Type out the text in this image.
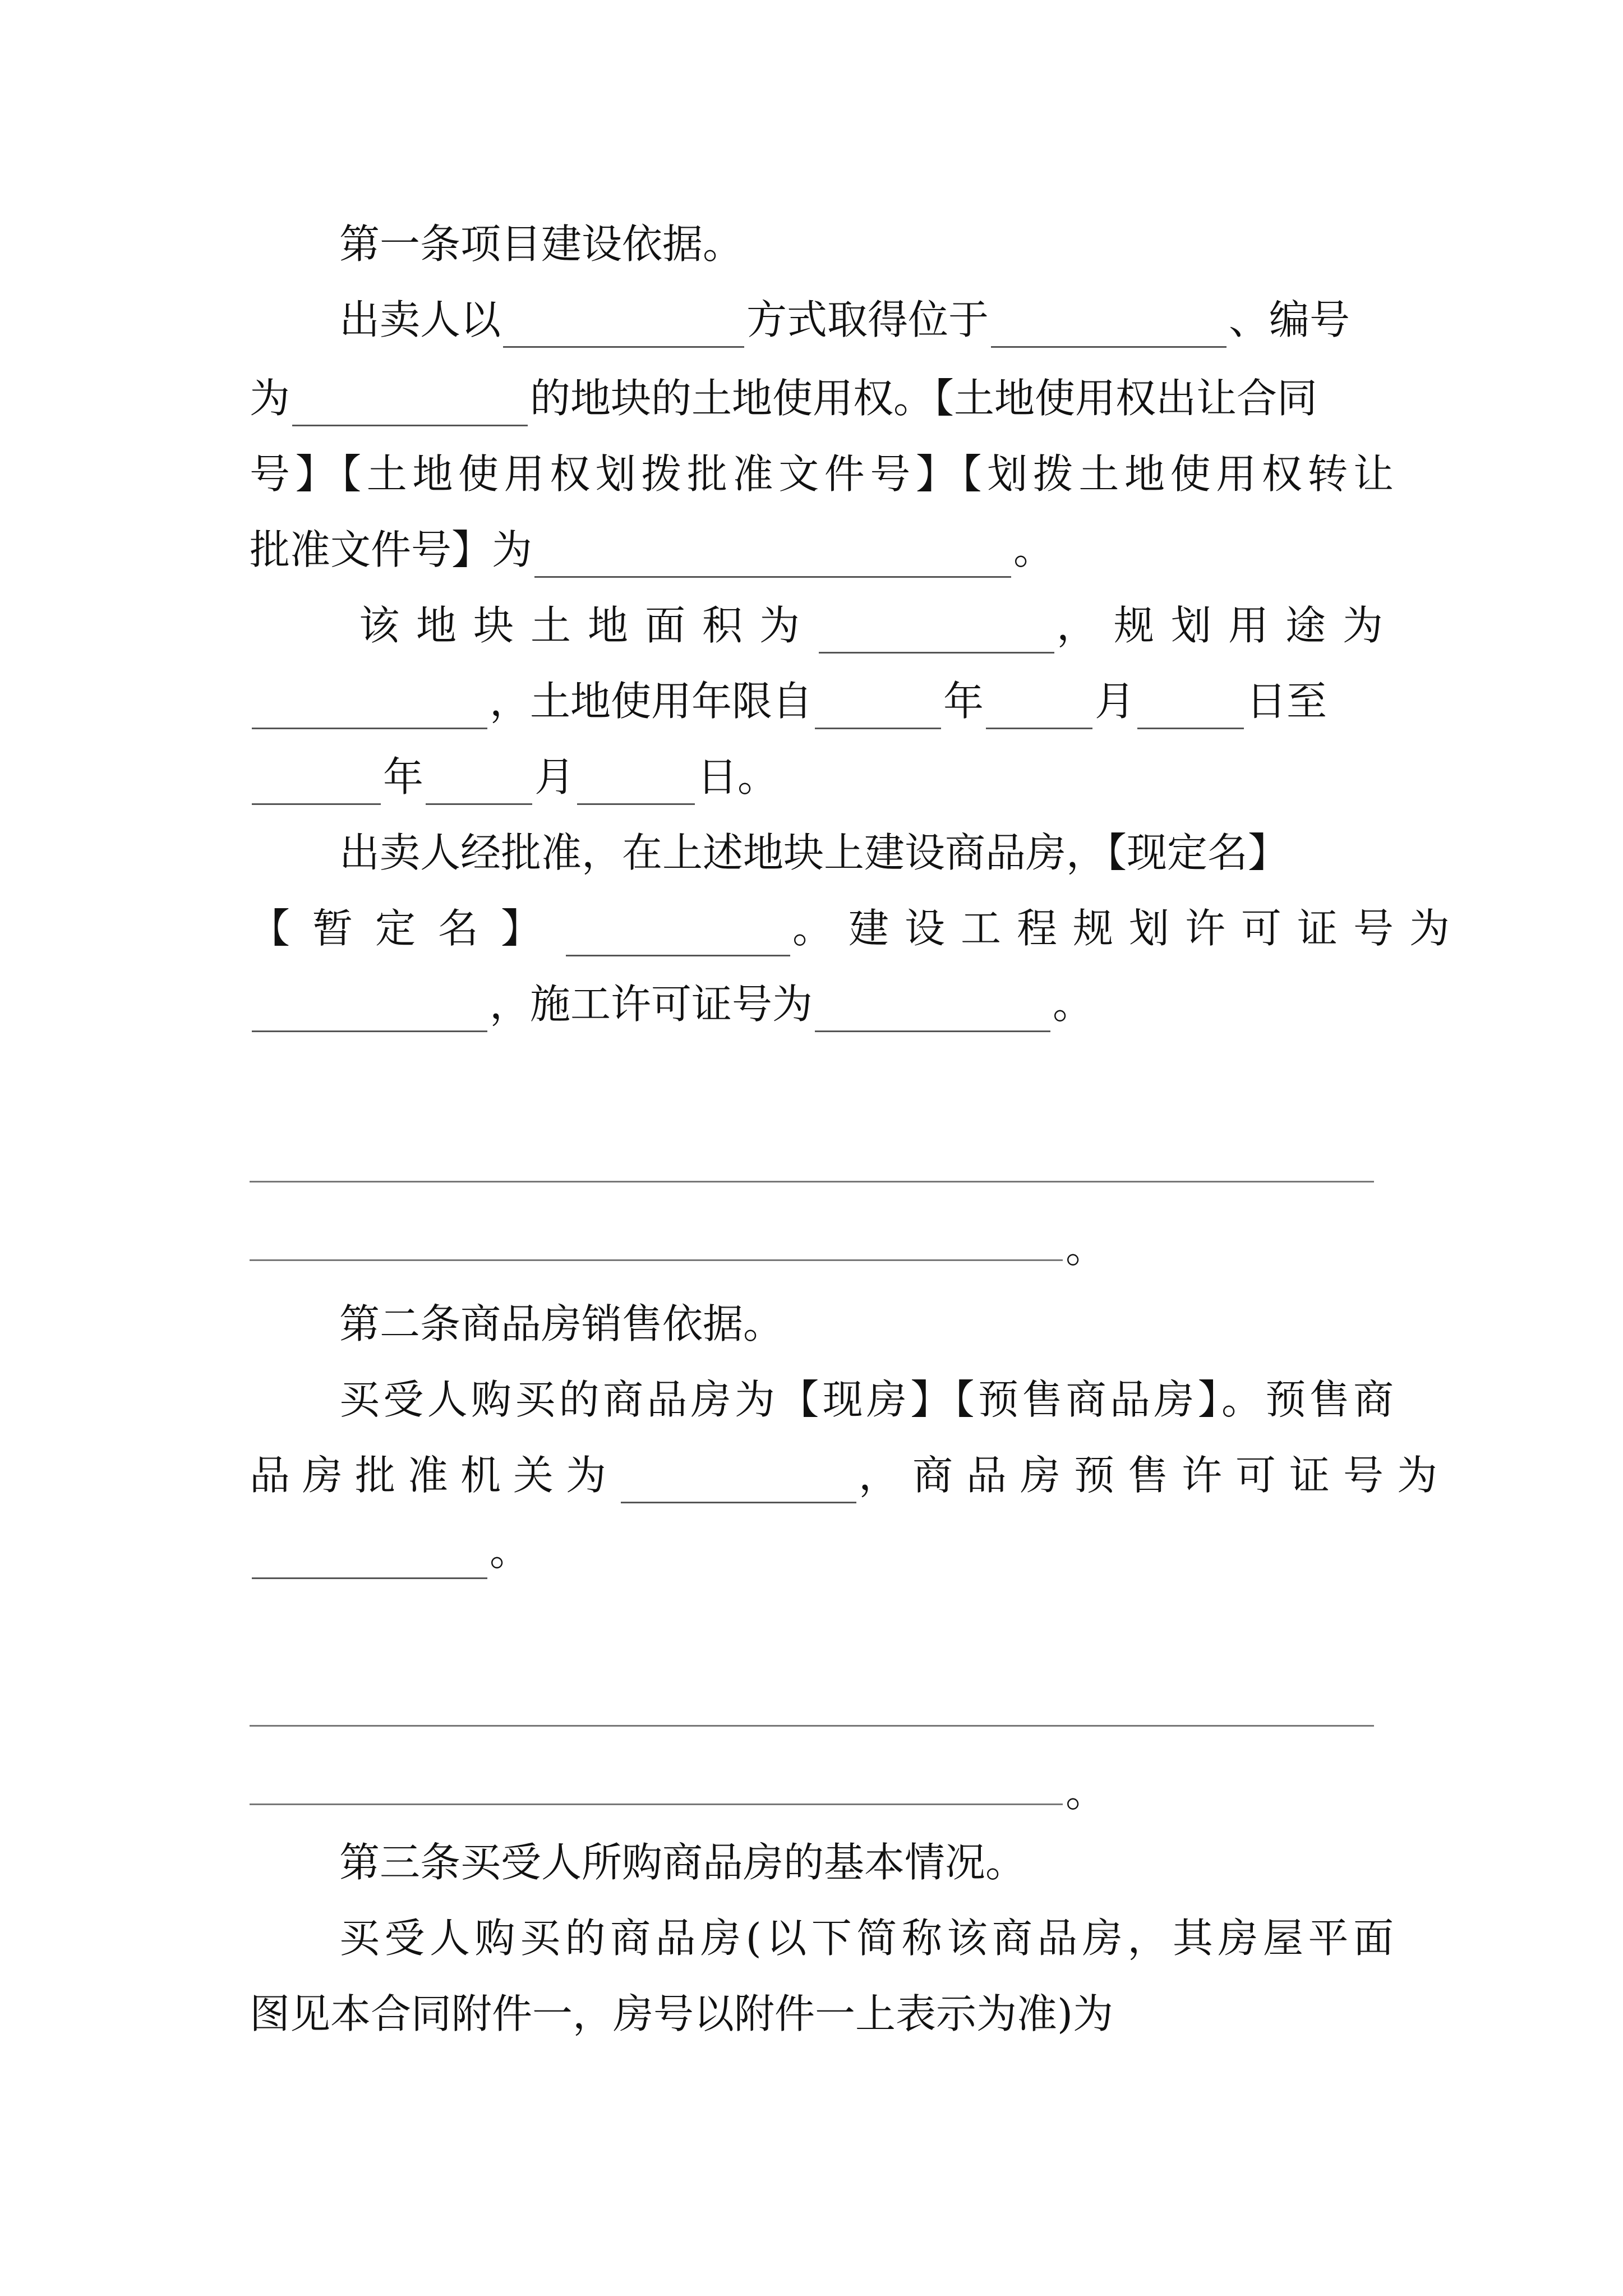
第一条项目建设依据。
出卖人以	方式取得位于	、编号
为	的地块的土地使用权。【土地使用权出让合同
号】【土地使用权划拨批准文件号】【划拨土地使用权转让
批准文件号】为	。
该地块土地面积为	，规划用途为
，土地使用年限自	年	月	日至
年	月	日。
出卖人经批准，在上述地块上建设商品房，【现定名】
【暂定名】	。建设工程规划许可证号为
，施工许可证号为	。
。
第二条商品房销售依据。
买受人购买的商品房为【现房】【预售商品房】。预售商
品房批准机关为	，商品房预售许可证号为
。
。
第三条买受人所购商品房的基本情况。
买受人购买的商品房(以下简称该商品房，其房屋平面
图见本合同附件一，房号以附件一上表示为准)为
